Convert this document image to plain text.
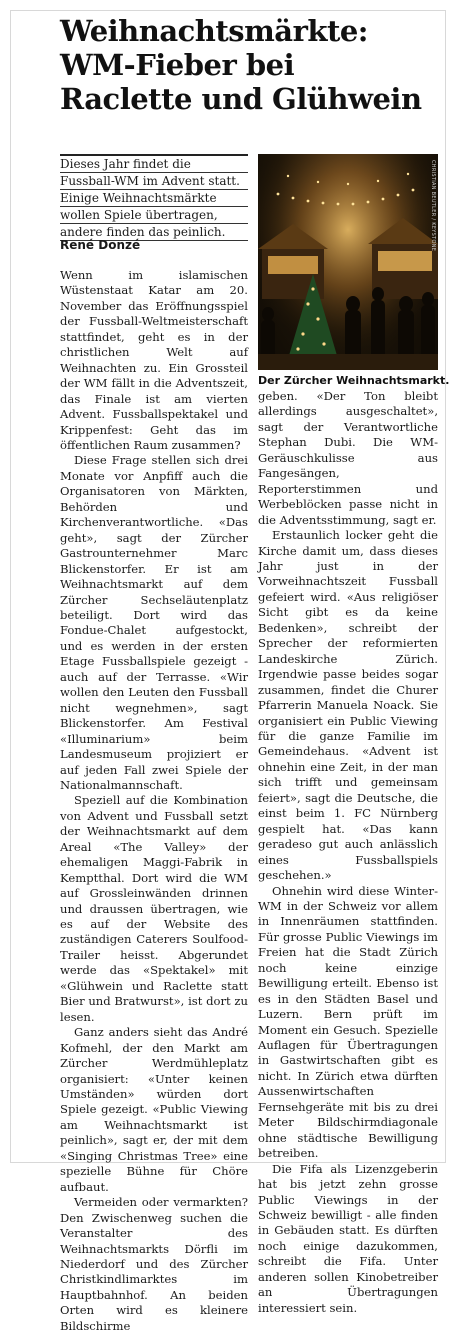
Weihnachtsmärkte:
WM-Fieber bei
Raclette und Glühwein
Dieses Jahr findet die
Fussball-WM im Advent statt.
Einige Weihnachtsmärkte
wollen Spiele übertragen,
andere finden das peinlich.
René Donzé	CHRISTIAN BEUTLER / KEYSTONE
Der Zürcher Weihnachtsmarkt.

Wenn im islamischen Wüstenstaat Katar am 20. November das Eröffnungsspiel der Fussball-Weltmeisterschaft stattfindet, geht es in der christlichen Welt auf Weihnachten zu. Ein Grossteil der WM fällt in die Adventszeit, das Finale ist am vierten Advent. Fussballspektakel und Krippenfest: Geht das im öffentlichen Raum zusammen?

Diese Frage stellen sich drei Monate vor Anpfiff auch die Organisatoren von Märkten, Behörden und Kirchenverantwortliche. «Das geht», sagt der Zürcher Gastrounternehmer Marc Blickenstorfer. Er ist am Weihnachtsmarkt auf dem Zürcher Sechseläutenplatz beteiligt. Dort wird das Fondue-Chalet aufgestockt, und es werden in der ersten Etage Fussballspiele gezeigt - auch auf der Terrasse. «Wir wollen den Leuten den Fussball nicht wegnehmen», sagt Blickenstorfer. Am Festival «Illuminarium» beim Landesmuseum projiziert er auf jeden Fall zwei Spiele der Nationalmannschaft.

Speziell auf die Kombination von Advent und Fussball setzt der Weihnachtsmarkt auf dem Areal «The Valley» der ehemaligen Maggi-Fabrik in Kemptthal. Dort wird die WM auf Grossleinwänden drinnen und draussen übertragen, wie es auf der Website des zuständigen Caterers Soulfood-Trailer heisst. Abgerundet werde das «Spektakel» mit «Glühwein und Raclette statt Bier und Bratwurst», ist dort zu lesen.

Ganz anders sieht das André Kofmehl, der den Markt am Zürcher Werdmühleplatz organisiert: «Unter keinen Umständen» würden dort Spiele gezeigt. «Public Viewing am Weihnachtsmarkt ist peinlich», sagt er, der mit dem «Singing Christmas Tree» eine spezielle Bühne für Chöre aufbaut.

Vermeiden oder vermarkten? Den Zwischenweg suchen die Veranstalter des Weihnachtsmarkts Dörfli im Niederdorf und des Zürcher Christkindlimarktes im Hauptbahnhof. An beiden Orten wird es kleinere Bildschirme

geben. «Der Ton bleibt allerdings ausgeschaltet», sagt der Verantwortliche Stephan Dubi. Die WM-Geräuschkulisse aus Fangesängen, Reporterstimmen und Werbeblöcken passe nicht in die Adventsstimmung, sagt er.

Erstaunlich locker geht die Kirche damit um, dass dieses Jahr just in der Vorweihnachtszeit Fussball gefeiert wird. «Aus religiöser Sicht gibt es da keine Bedenken», schreibt der Sprecher der reformierten Landeskirche Zürich. Irgendwie passe beides sogar zusammen, findet die Churer Pfarrerin Manuela Noack. Sie organisiert ein Public Viewing für die ganze Familie im Gemeindehaus. «Advent ist ohnehin eine Zeit, in der man sich trifft und gemeinsam feiert», sagt die Deutsche, die einst beim 1. FC Nürnberg gespielt hat. «Das kann geradeso gut auch anlässlich eines Fussballspiels geschehen.»

Ohnehin wird diese Winter-WM in der Schweiz vor allem in Innenräumen stattfinden. Für grosse Public Viewings im Freien hat die Stadt Zürich noch keine einzige Bewilligung erteilt. Ebenso ist es in den Städten Basel und Luzern. Bern prüft im Moment ein Gesuch. Spezielle Auflagen für Übertragungen in Gastwirtschaften gibt es nicht. In Zürich etwa dürften Aussenwirtschaften Fernsehgeräte mit bis zu drei Meter Bildschirmdiagonale ohne städtische Bewilligung betreiben.

Die Fifa als Lizenzgeberin hat bis jetzt zehn grosse Public Viewings in der Schweiz bewilligt - alle finden in Gebäuden statt. Es dürften noch einige dazukommen, schreibt die Fifa. Unter anderen sollen Kinobetreiber an Übertragungen interessiert sein.
